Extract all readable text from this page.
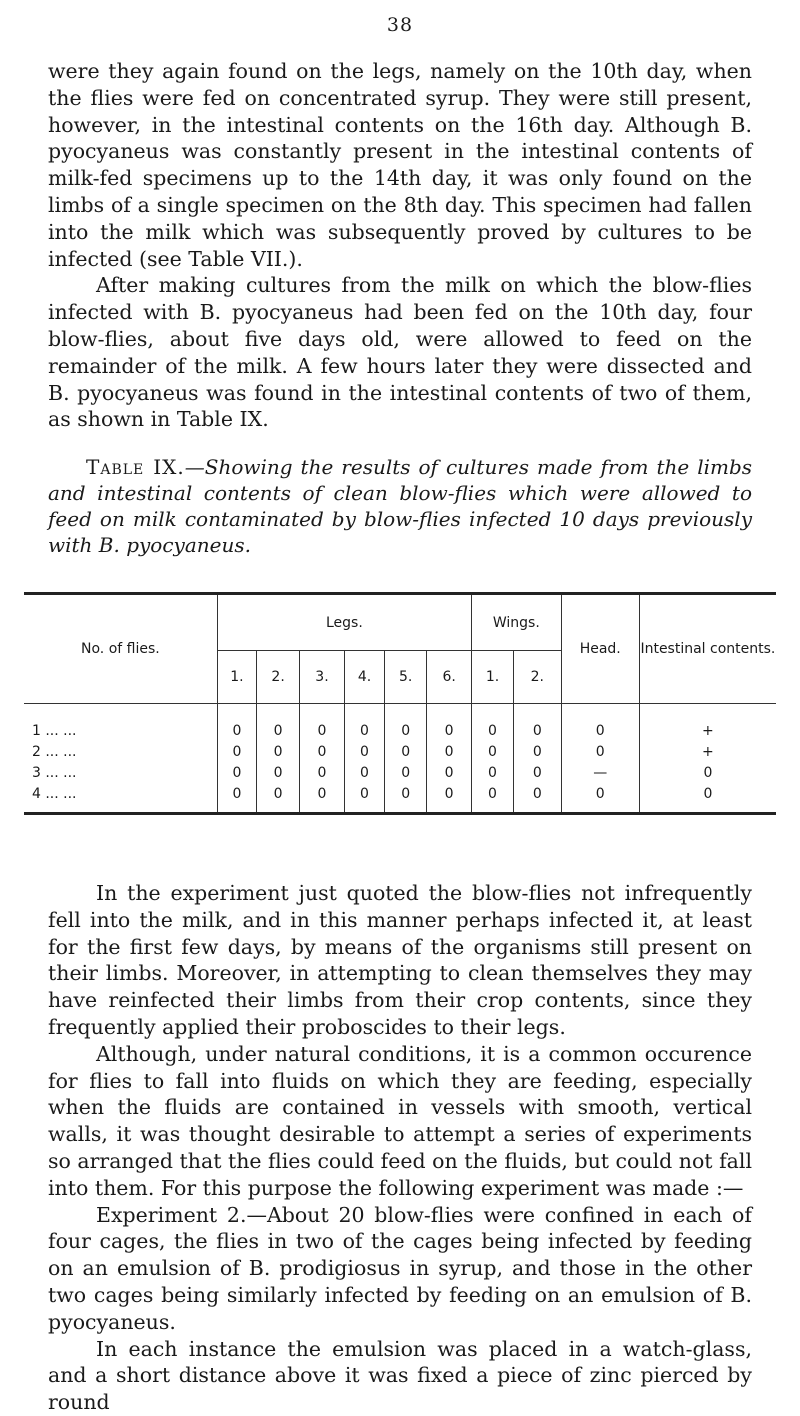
38

were they again found on the legs, namely on the 10th day, when the flies were fed on concentrated syrup. They were still present, however, in the intestinal contents on the 16th day. Although B. pyocyaneus was constantly present in the intestinal contents of milk-fed specimens up to the 14th day, it was only found on the limbs of a single specimen on the 8th day. This specimen had fallen into the milk which was subsequently proved by cultures to be infected (see Table VII.).

After making cultures from the milk on which the blow-flies infected with B. pyocyaneus had been fed on the 10th day, four blow-flies, about five days old, were allowed to feed on the remainder of the milk. A few hours later they were dissected and B. pyocyaneus was found in the intestinal contents of two of them, as shown in Table IX.

Table IX.—Showing the results of cultures made from the limbs and intestinal contents of clean blow-flies which were allowed to feed on milk contaminated by blow-flies infected 10 days previously with B. pyocyaneus.
No. of flies.	Legs.						Wings.		Head.	Intestinal contents.
	1.	2.	3.	4.	5.	6.	1.	2.		

1 ... ...	0	0	0	0	0	0	0	0	0	+
2 ... ...	0	0	0	0	0	0	0	0	0	+
3 ... ...	0	0	0	0	0	0	0	0	—	0
4 ... ...	0	0	0	0	0	0	0	0	0	0

In the experiment just quoted the blow-flies not infrequently fell into the milk, and in this manner perhaps infected it, at least for the first few days, by means of the organisms still present on their limbs. Moreover, in attempting to clean themselves they may have reinfected their limbs from their crop contents, since they frequently applied their proboscides to their legs.

Although, under natural conditions, it is a common occurence for flies to fall into fluids on which they are feeding, especially when the fluids are contained in vessels with smooth, vertical walls, it was thought desirable to attempt a series of experiments so arranged that the flies could feed on the fluids, but could not fall into them. For this purpose the following experiment was made :—

Experiment 2.—About 20 blow-flies were confined in each of four cages, the flies in two of the cages being infected by feeding on an emulsion of B. prodigiosus in syrup, and those in the other two cages being similarly infected by feeding on an emulsion of B. pyocyaneus.

In each instance the emulsion was placed in a watch-glass, and a short distance above it was fixed a piece of zinc pierced by round
